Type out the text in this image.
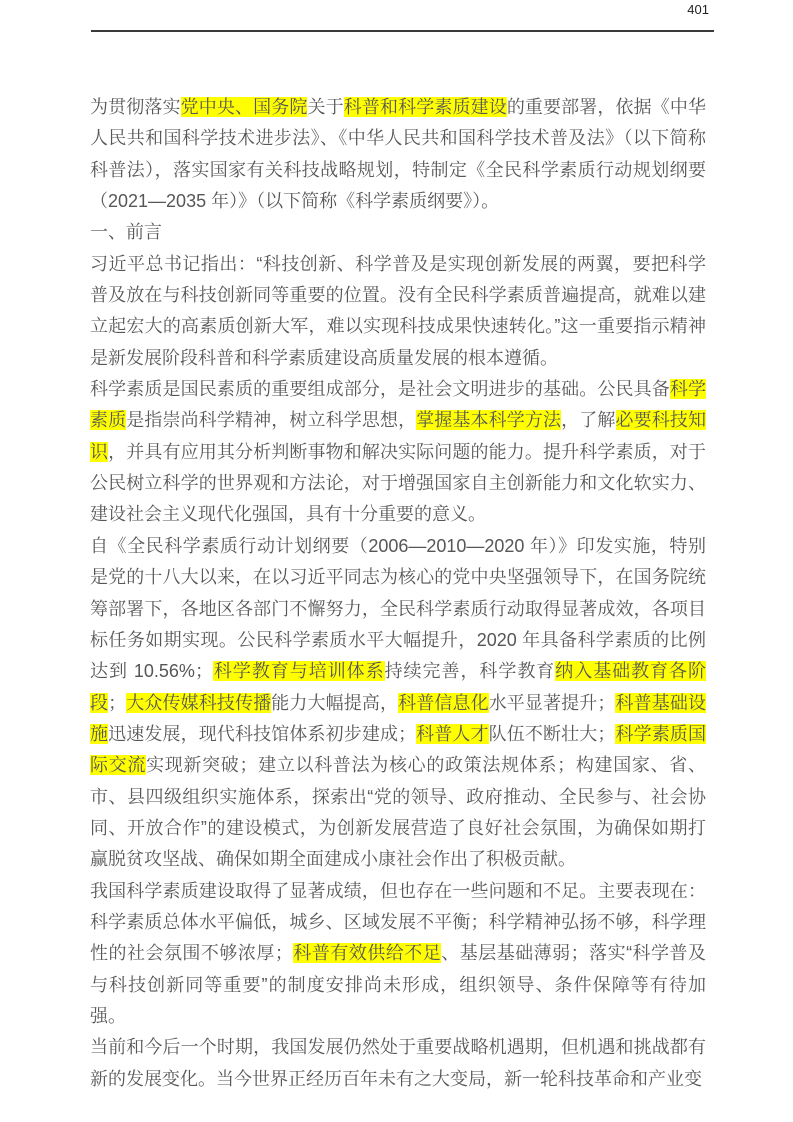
401

为贯彻落实党中央、国务院关于科普和科学素质建设的重要部署，依据《中华人民共和国科学技术进步法》、《中华人民共和国科学技术普及法》（以下简称科普法），落实国家有关科技战略规划，特制定《全民科学素质行动规划纲要（2021—2035 年）》（以下简称《科学素质纲要》）。

一、前言

习近平总书记指出：“科技创新、科学普及是实现创新发展的两翼，要把科学普及放在与科技创新同等重要的位置。没有全民科学素质普遍提高，就难以建立起宏大的高素质创新大军，难以实现科技成果快速转化。”这一重要指示精神是新发展阶段科普和科学素质建设高质量发展的根本遵循。

科学素质是国民素质的重要组成部分，是社会文明进步的基础。公民具备科学素质是指崇尚科学精神，树立科学思想，掌握基本科学方法，了解必要科技知识，并具有应用其分析判断事物和解决实际问题的能力。提升科学素质，对于公民树立科学的世界观和方法论，对于增强国家自主创新能力和文化软实力、建设社会主义现代化强国，具有十分重要的意义。

自《全民科学素质行动计划纲要（2006—2010—2020 年）》印发实施，特别是党的十八大以来，在以习近平同志为核心的党中央坚强领导下，在国务院统筹部署下，各地区各部门不懈努力，全民科学素质行动取得显著成效，各项目标任务如期实现。公民科学素质水平大幅提升，2020 年具备科学素质的比例达到 10.56%；科学教育与培训体系持续完善，科学教育纳入基础教育各阶段；大众传媒科技传播能力大幅提高，科普信息化水平显著提升；科普基础设施迅速发展，现代科技馆体系初步建成；科普人才队伍不断壮大；科学素质国际交流实现新突破；建立以科普法为核心的政策法规体系；构建国家、省、市、县四级组织实施体系，探索出“党的领导、政府推动、全民参与、社会协同、开放合作”的建设模式，为创新发展营造了良好社会氛围，为确保如期打赢脱贫攻坚战、确保如期全面建成小康社会作出了积极贡献。

我国科学素质建设取得了显著成绩，但也存在一些问题和不足。主要表现在：科学素质总体水平偏低，城乡、区域发展不平衡；科学精神弘扬不够，科学理性的社会氛围不够浓厚；科普有效供给不足、基层基础薄弱；落实“科学普及与科技创新同等重要”的制度安排尚未形成，组织领导、条件保障等有待加强。

当前和今后一个时期，我国发展仍然处于重要战略机遇期，但机遇和挑战都有新的发展变化。当今世界正经历百年未有之大变局，新一轮科技革命和产业变
